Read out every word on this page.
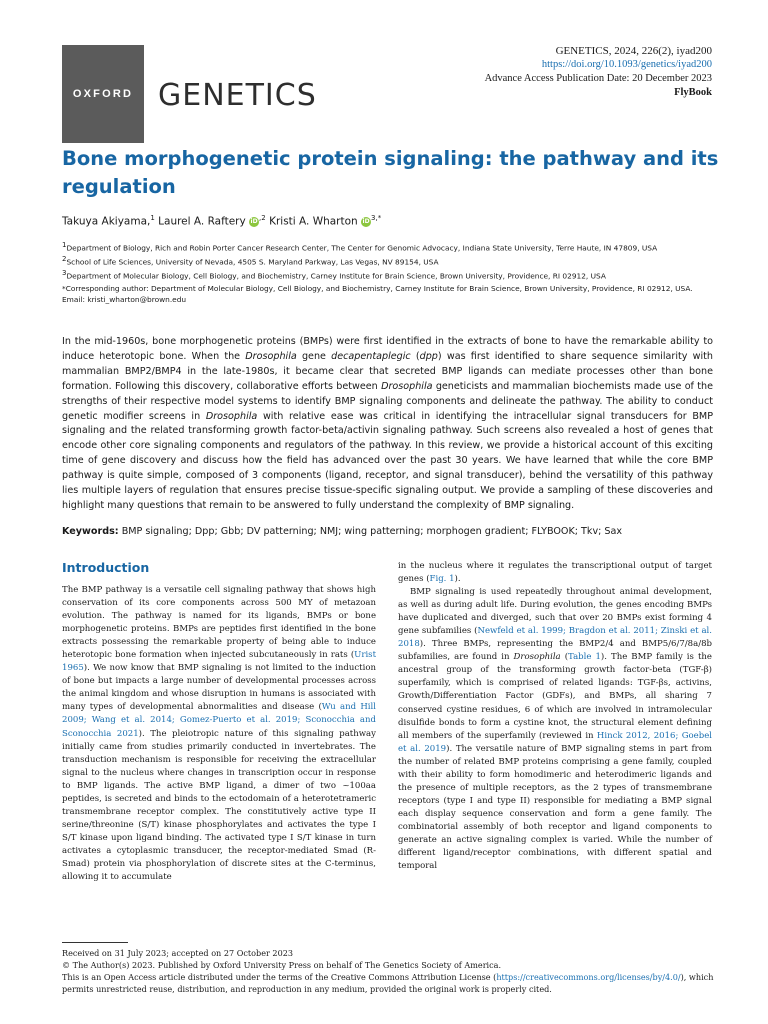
OXFORD GENETICS
GENETICS, 2024, 226(2), iyad200
https://doi.org/10.1093/genetics/iyad200
Advance Access Publication Date: 20 December 2023
FlyBook
Bone morphogenetic protein signaling: the pathway and its regulation
Takuya Akiyama,$^1$ Laurel A. Raftery $iD^{,2}$ Kristi A. Wharton $iD^{3,*}$
$^1$Department of Biology, Rich and Robin Porter Cancer Research Center, The Center for Genomic Advocacy, Indiana State University, Terre Haute, IN 47809, USA
$^2$School of Life Sciences, University of Nevada, 4505 S. Maryland Parkway, Las Vegas, NV 89154, USA
$^3$Department of Molecular Biology, Cell Biology, and Biochemistry, Carney Institute for Brain Science, Brown University, Providence, RI 02912, USA
*Corresponding author: Department of Molecular Biology, Cell Biology, and Biochemistry, Carney Institute for Brain Science, Brown University, Providence, RI 02912, USA.
Email: kristi_wharton@brown.edu

In the mid-1960s, bone morphogenetic proteins (BMPs) were first identified in the extracts of bone to have the remarkable ability to induce heterotopic bone. When the Drosophila gene decapentaplegic (dpp) was first identified to share sequence similarity with mammalian BMP2/BMP4 in the late-1980s, it became clear that secreted BMP ligands can mediate processes other than bone formation. Following this discovery, collaborative efforts between Drosophila geneticists and mammalian biochemists made use of the strengths of their respective model systems to identify BMP signaling components and delineate the pathway. The ability to conduct genetic modifier screens in Drosophila with relative ease was critical in identifying the intracellular signal transducers for BMP signaling and the related transforming growth factor-beta/activin signaling pathway. Such screens also revealed a host of genes that encode other core signaling components and regulators of the pathway. In this review, we provide a historical account of this exciting time of gene discovery and discuss how the field has advanced over the past 30 years. We have learned that while the core BMP pathway is quite simple, composed of 3 components (ligand, receptor, and signal transducer), behind the versatility of this pathway lies multiple layers of regulation that ensures precise tissue-specific signaling output. We provide a sampling of these discoveries and highlight many questions that remain to be answered to fully understand the complexity of BMP signaling.

Keywords: BMP signaling; Dpp; Gbb; DV patterning; NMJ; wing patterning; morphogen gradient; FLYBOOK; Tkv; Sax
Introduction

The BMP pathway is a versatile cell signaling pathway that shows high conservation of its core components across 500 MY of metazoan evolution. The pathway is named for its ligands, BMPs or bone morphogenetic proteins. BMPs are peptides first identified in the bone extracts possessing the remarkable property of being able to induce heterotopic bone formation when injected subcutaneously in rats (Urist 1965). We now know that BMP signaling is not limited to the induction of bone but impacts a large number of developmental processes across the animal kingdom and whose disruption in humans is associated with many types of developmental abnormalities and disease (Wu and Hill 2009; Wang et al. 2014; Gomez-Puerto et al. 2019; Sconocchia and Sconocchia 2021). The pleiotropic nature of this signaling pathway initially came from studies primarily conducted in invertebrates. The transduction mechanism is responsible for receiving the extracellular signal to the nucleus where changes in transcription occur in response to BMP ligands. The active BMP ligand, a dimer of two ~100aa peptides, is secreted and binds to the ectodomain of a heterotetrameric transmembrane receptor complex. The constitutively active type II serine/threonine (S/T) kinase phosphorylates and activates the type I S/T kinase upon ligand binding. The activated type I S/T kinase in turn activates a cytoplasmic transducer, the receptor-mediated Smad (R-Smad) protein via phosphorylation of discrete sites at the C-terminus, allowing it to accumulate

in the nucleus where it regulates the transcriptional output of target genes (Fig. 1).

BMP signaling is used repeatedly throughout animal development, as well as during adult life. During evolution, the genes encoding BMPs have duplicated and diverged, such that over 20 BMPs exist forming 4 gene subfamilies (Newfeld et al. 1999; Bragdon et al. 2011; Zinski et al. 2018). Three BMPs, representing the BMP2/4 and BMP5/6/7/8a/8b subfamilies, are found in Drosophila (Table 1). The BMP family is the ancestral group of the transforming growth factor-beta (TGF-β) superfamily, which is comprised of related ligands: TGF-βs, activins, Growth/Differentiation Factor (GDFs), and BMPs, all sharing 7 conserved cystine residues, 6 of which are involved in intramolecular disulfide bonds to form a cystine knot, the structural element defining all members of the superfamily (reviewed in Hinck 2012, 2016; Goebel et al. 2019). The versatile nature of BMP signaling stems in part from the number of related BMP proteins comprising a gene family, coupled with their ability to form homodimeric and heterodimeric ligands and the presence of multiple receptors, as the 2 types of transmembrane receptors (type I and type II) responsible for mediating a BMP signal each display sequence conservation and form a gene family. The combinatorial assembly of both receptor and ligand components to generate an active signaling complex is varied. While the number of different ligand/receptor combinations, with different spatial and temporal

Received on 31 July 2023; accepted on 27 October 2023

© The Author(s) 2023. Published by Oxford University Press on behalf of The Genetics Society of America.

This is an Open Access article distributed under the terms of the Creative Commons Attribution License (https://creativecommons.org/licenses/by/4.0/), which permits unrestricted reuse, distribution, and reproduction in any medium, provided the original work is properly cited.
